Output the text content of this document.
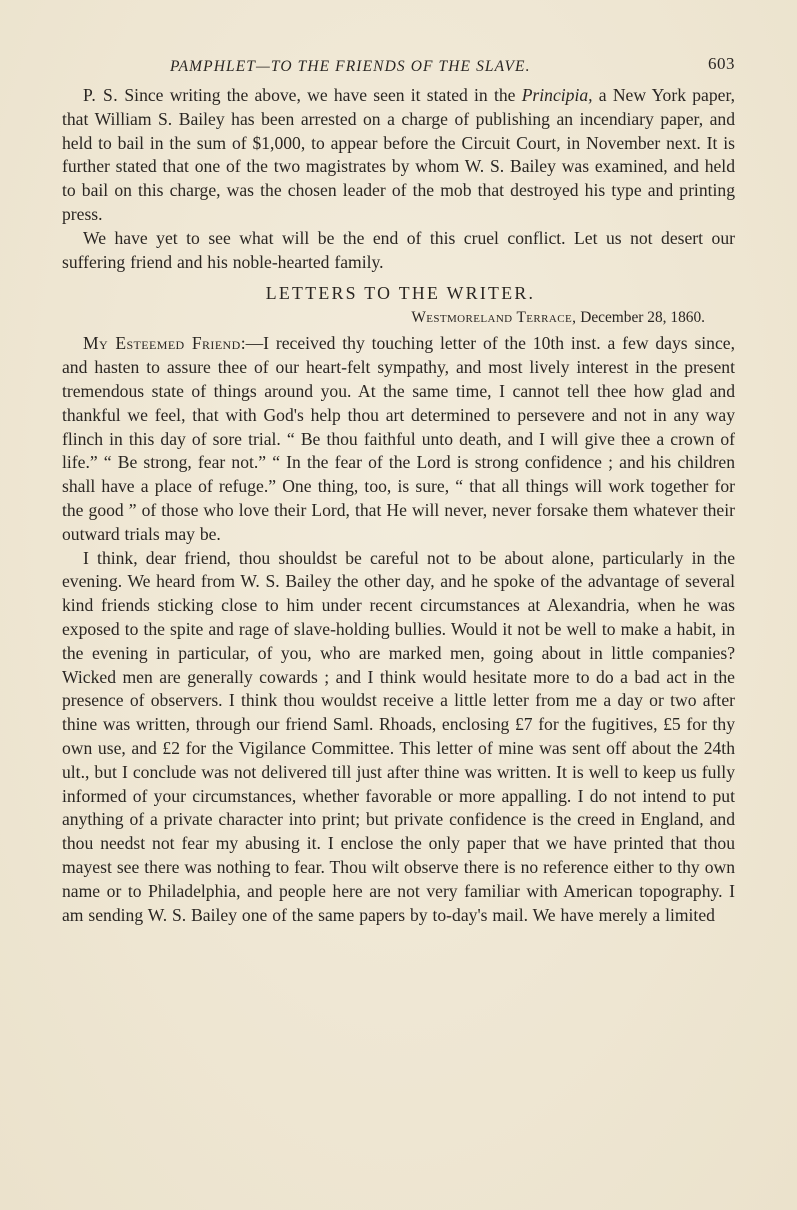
PAMPHLET—TO THE FRIENDS OF THE SLAVE.	603

P. S. Since writing the above, we have seen it stated in the Principia, a New York paper, that William S. Bailey has been arrested on a charge of publishing an incendiary paper, and held to bail in the sum of $1,000, to appear before the Circuit Court, in November next. It is further stated that one of the two magistrates by whom W. S. Bailey was examined, and held to bail on this charge, was the chosen leader of the mob that destroyed his type and printing press.

We have yet to see what will be the end of this cruel conflict. Let us not desert our suffering friend and his noble-hearted family.

LETTERS TO THE WRITER.
Westmoreland Terrace, December 28, 1860.

My Esteemed Friend:—I received thy touching letter of the 10th inst. a few days since, and hasten to assure thee of our heart-felt sympathy, and most lively interest in the present tremendous state of things around you. At the same time, I cannot tell thee how glad and thankful we feel, that with God's help thou art determined to persevere and not in any way flinch in this day of sore trial. “ Be thou faithful unto death, and I will give thee a crown of life.” “ Be strong, fear not.” “ In the fear of the Lord is strong confidence ; and his children shall have a place of refuge.” One thing, too, is sure, “ that all things will work together for the good ” of those who love their Lord, that He will never, never forsake them whatever their outward trials may be.

I think, dear friend, thou shouldst be careful not to be about alone, particularly in the evening. We heard from W. S. Bailey the other day, and he spoke of the advantage of several kind friends sticking close to him under recent circumstances at Alexandria, when he was exposed to the spite and rage of slave-holding bullies. Would it not be well to make a habit, in the evening in particular, of you, who are marked men, going about in little companies? Wicked men are generally cowards ; and I think would hesitate more to do a bad act in the presence of observers. I think thou wouldst receive a little letter from me a day or two after thine was written, through our friend Saml. Rhoads, enclosing £7 for the fugitives, £5 for thy own use, and £2 for the Vigilance Committee. This letter of mine was sent off about the 24th ult., but I conclude was not delivered till just after thine was written. It is well to keep us fully informed of your circumstances, whether favorable or more appalling. I do not intend to put anything of a private character into print; but private confidence is the creed in England, and thou needst not fear my abusing it. I enclose the only paper that we have printed that thou mayest see there was nothing to fear. Thou wilt observe there is no reference either to thy own name or to Philadelphia, and people here are not very familiar with American topography. I am sending W. S. Bailey one of the same papers by to-day's mail. We have merely a limited
